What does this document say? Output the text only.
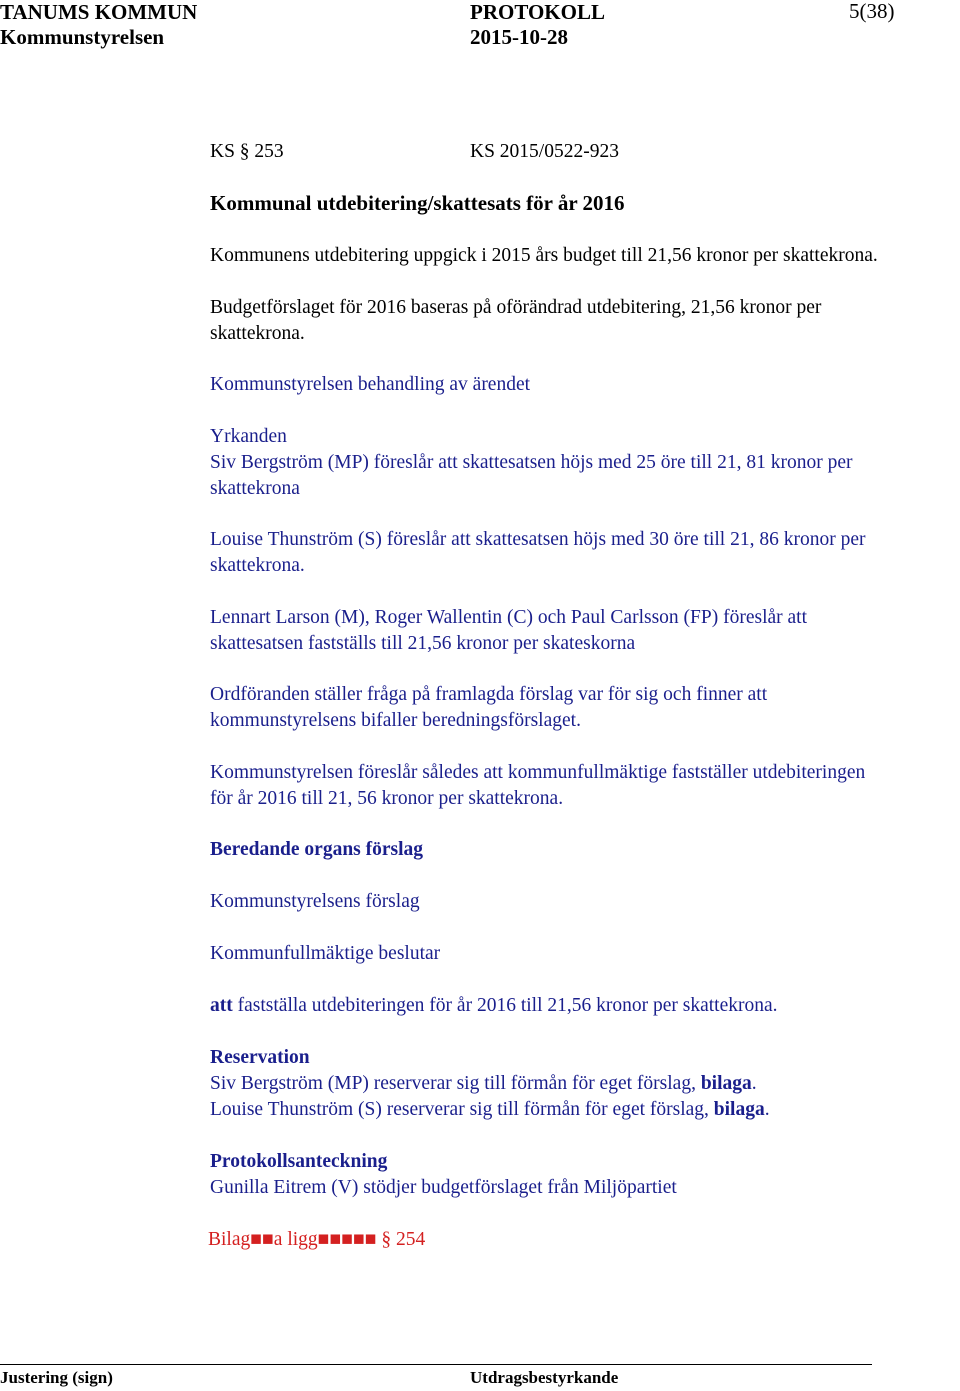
TANUMS KOMMUN
Kommunstyrelsen
PROTOKOLL
2015-10-28
5(38)
KS § 253	KS 2015/0522-923
Kommunal utdebitering/skattesats för år 2016
Kommunens utdebitering uppgick i 2015 års budget till 21,56 kronor per skattekrona.
Budgetförslaget för 2016 baseras på oförändrad utdebitering, 21,56 kronor per
skattekrona.
Kommunstyrelsen behandling av ärendet
Yrkanden
Siv Bergström (MP) föreslår att skattesatsen höjs med 25 öre till 21, 81 kronor per
skattekrona
Louise Thunström (S) föreslår att skattesatsen höjs med 30 öre till 21, 86 kronor per
skattekrona.
Lennart Larson (M), Roger Wallentin (C) och Paul Carlsson (FP) föreslår att
skattesatsen fastställs till 21,56 kronor per skateskorna
Ordföranden ställer fråga på framlagda förslag var för sig och finner att
kommunstyrelsens bifaller beredningsförslaget.
Kommunstyrelsen föreslår således att kommunfullmäktige fastställer utdebiteringen
för år 2016 till 21, 56 kronor per skattekrona.
Beredande organs förslag
Kommunstyrelsens förslag
Kommunfullmäktige beslutar
att fastställa utdebiteringen för år 2016 till 21,56 kronor per skattekrona.
Reservation
Siv Bergström (MP) reserverar sig till förmån för eget förslag, bilaga.
Louise Thunström (S) reserverar sig till förmån för eget förslag, bilaga.
Protokollsanteckning
Gunilla Eitrem (V) stödjer budgetförslaget från Miljöpartiet
Bilag■■a ligg■■■■■ § 254
Justering (sign)	Utdragsbestyrkande
